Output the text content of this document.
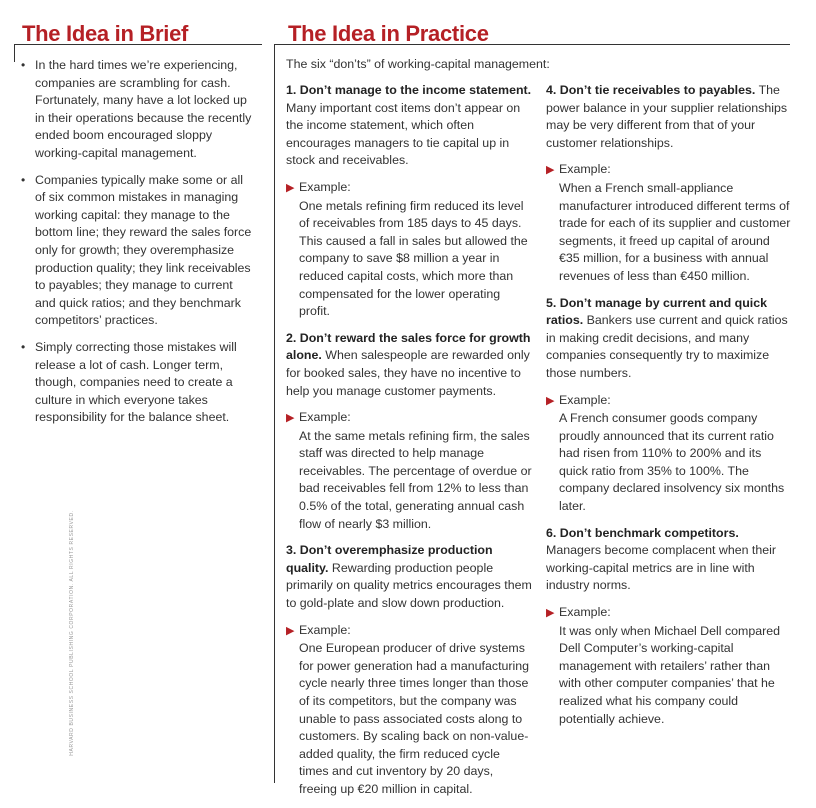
HARVARD BUSINESS SCHOOL PUBLISHING CORPORATION. ALL RIGHTS RESERVED.
The Idea in Brief
• In the hard times we’re experiencing, companies are scrambling for cash. Fortunately, many have a lot locked up in their operations because the recently ended boom encouraged sloppy working-capital management.
• Companies typically make some or all of six common mistakes in managing working capital: they manage to the bottom line; they reward the sales force only for growth; they overemphasize production quality; they link receivables to payables; they manage to current and quick ratios; and they benchmark competitors’ practices.
• Simply correcting those mistakes will release a lot of cash. Longer term, though, companies need to create a culture in which everyone takes responsibility for the balance sheet.
The Idea in Practice
The six “don’ts” of working-capital management:
1. Don’t manage to the income statement. Many important cost items don’t appear on the income statement, which often encourages managers to tie capital up in stock and receivables.
▶ Example:
One metals refining firm reduced its level of receivables from 185 days to 45 days. This caused a fall in sales but allowed the company to save $8 million a year in reduced capital costs, which more than compensated for the lower operating profit.
2. Don’t reward the sales force for growth alone. When salespeople are rewarded only for booked sales, they have no incentive to help you manage customer payments.
▶ Example:
At the same metals refining firm, the sales staff was directed to help manage receivables. The percentage of overdue or bad receivables fell from 12% to less than 0.5% of the total, generating annual cash flow of nearly $3 million.
3. Don’t overemphasize production quality. Rewarding production people primarily on quality metrics encourages them to gold-plate and slow down production.
▶ Example:
One European producer of drive systems for power generation had a manufacturing cycle nearly three times longer than those of its competitors, but the company was unable to pass associated costs along to customers. By scaling back on non-value-added quality, the firm reduced cycle times and cut inventory by 20 days, freeing up €20 million in capital.
4. Don’t tie receivables to payables. The power balance in your supplier relationships may be very different from that of your customer relationships.
▶ Example:
When a French small-appliance manufacturer introduced different terms of trade for each of its supplier and customer segments, it freed up capital of around €35 million, for a business with annual revenues of less than €450 million.
5. Don’t manage by current and quick ratios. Bankers use current and quick ratios in making credit decisions, and many companies consequently try to maximize those numbers.
▶ Example:
A French consumer goods company proudly announced that its current ratio had risen from 110% to 200% and its quick ratio from 35% to 100%. The company declared insolvency six months later.
6. Don’t benchmark competitors. Managers become complacent when their working-capital metrics are in line with industry norms.
▶ Example:
It was only when Michael Dell compared Dell Computer’s working-capital management with retailers’ rather than with other computer companies’ that he realized what his company could potentially achieve.
